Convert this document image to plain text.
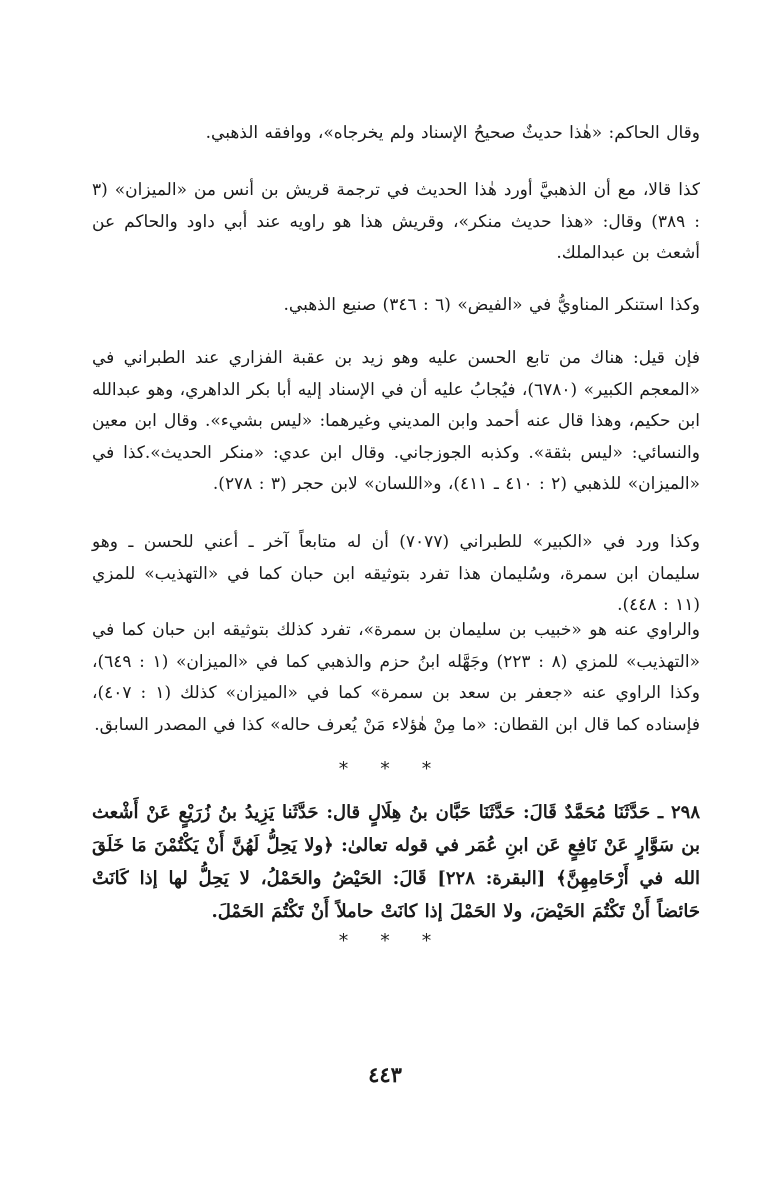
وقال الحاكم: «هٰذا حديثٌ صحيحُ الإسناد ولم يخرجاه»، ووافقه الذهبي.

كذا قالا، مع أن الذهبيَّ أورد هٰذا الحديث في ترجمة قريش بن أنس من «الميزان» (٣ : ٣٨٩) وقال: «هذا حديث منكر»، وقريش هذا هو راويه عند أبي داود والحاكم عن أشعث بن عبدالملك.

وكذا استنكر المناويُّ في «الفيض» (٦ : ٣٤٦) صنيع الذهبي.

فإن قيل: هناك من تابع الحسن عليه وهو زيد بن عقبة الفزاري عند الطبراني في «المعجم الكبير» (٦٧٨٠)، فيُجابُ عليه أن في الإسناد إليه أبا بكر الداهري، وهو عبدالله ابن حكيم، وهذا قال عنه أحمد وابن المديني وغيرهما: «ليس بشيء». وقال ابن معين والنسائي: «ليس بثقة». وكذبه الجوزجاني. وقال ابن عدي: «منكر الحديث».كذا في «الميزان» للذهبي (٢ : ٤١٠ ـ ٤١١)، و«اللسان» لابن حجر (٣ : ٢٧٨).

وكذا ورد في «الكبير» للطبراني (٧٠٧٧) أن له متابعاً آخر ـ أعني للحسن ـ وهو سليمان ابن سمرة، وسُليمان هذا تفرد بتوثيقه ابن حبان كما في «التهذيب» للمزي (١١ : ٤٤٨).

والراوي عنه هو «خبيب بن سليمان بن سمرة»، تفرد كذلك بتوثيقه ابن حبان كما في «التهذيب» للمزي (٨ : ٢٢٣) وجَهَّله ابنُ حزم والذهبي كما في «الميزان» (١ : ٦٤٩)، وكذا الراوي عنه «جعفر بن سعد بن سمرة» كما في «الميزان» كذلك (١ : ٤٠٧)، فإسناده كما قال ابن القطان: «ما مِنْ هٰؤلاء مَنْ يُعرف حاله» كذا في المصدر السابق.

* * *

٢٩٨ ـ حَدَّثَنَا مُحَمَّدٌ قَالَ: حَدَّثَنَا حَبَّان بنُ هِلَالٍ قال: حَدَّثَنا يَزِيدُ بنُ زُرَيْعٍ عَنْ أَشْعث بن سَوَّارٍ عَنْ نَافِعٍ عَن ابنِ عُمَر في قوله تعالىٰ: ﴿ولا يَحِلُّ لَهُنَّ أَنْ يَكْتُمْنَ مَا خَلَقَ الله في أَرْحَامِهِنَّ﴾ [البقرة: ٢٢٨] قَالَ: الحَيْضُ والحَمْلُ، لا يَحِلُّ لها إذا كَانَتْ حَائضاً أَنْ تَكْتُمَ الحَيْضَ، ولا الحَمْلَ إذا كانَتْ حاملاً أَنْ تَكْتُمَ الحَمْلَ.

* * *
٤٤٣
